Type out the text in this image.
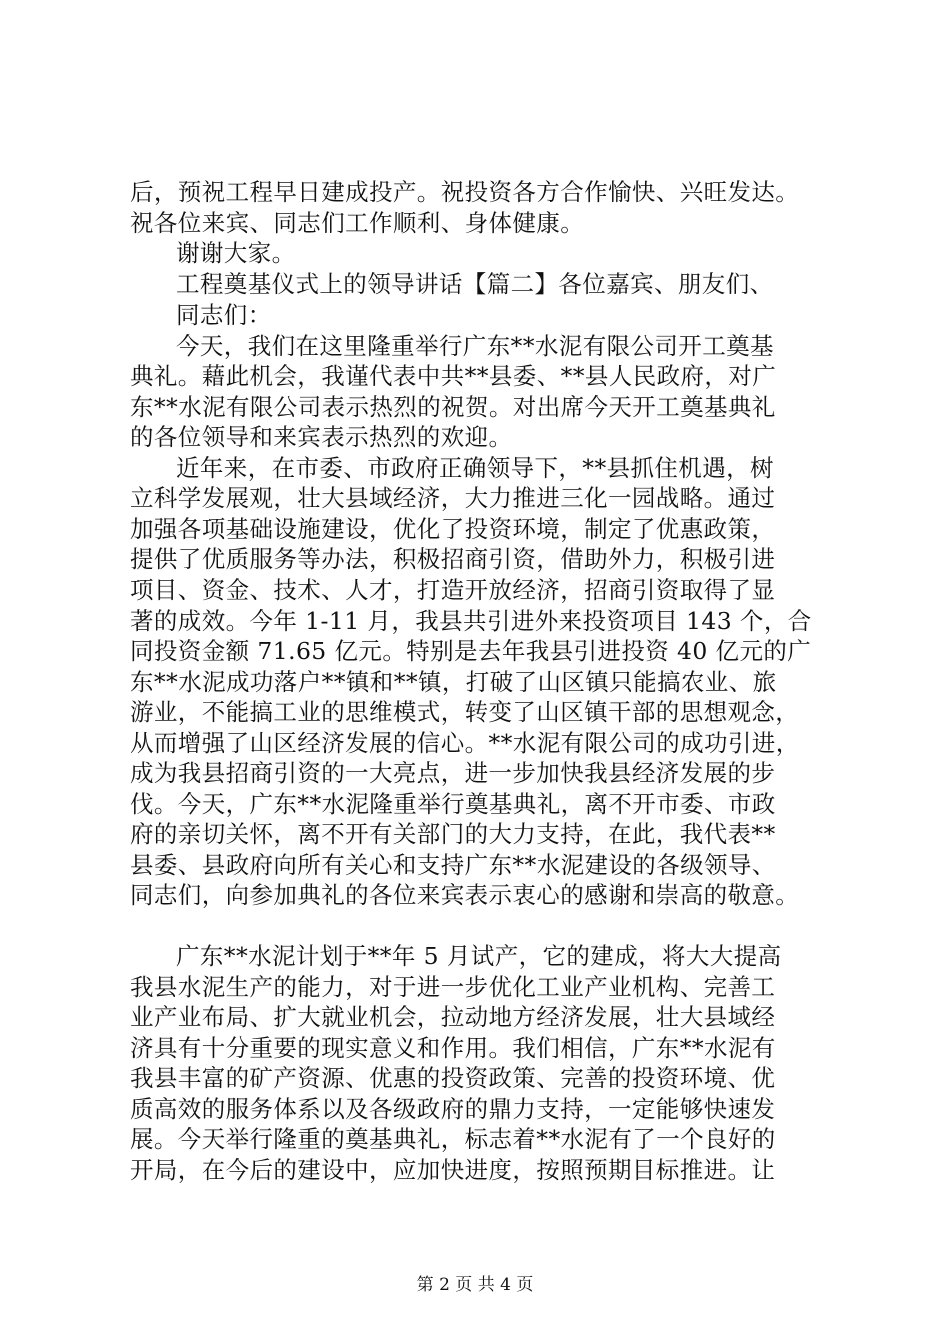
后，预祝工程早日建成投产。祝投资各方合作愉快、兴旺发达。
祝各位来宾、同志们工作顺利、身体健康。
谢谢大家。
工程奠基仪式上的领导讲话【篇二】各位嘉宾、朋友们、
同志们：
今天，我们在这里隆重举行广东**水泥有限公司开工奠基
典礼。藉此机会，我谨代表中共**县委、**县人民政府，对广
东**水泥有限公司表示热烈的祝贺。对出席今天开工奠基典礼
的各位领导和来宾表示热烈的欢迎。
近年来，在市委、市政府正确领导下，**县抓住机遇，树
立科学发展观，壮大县域经济，大力推进三化一园战略。通过
加强各项基础设施建设，优化了投资环境，制定了优惠政策，
提供了优质服务等办法，积极招商引资，借助外力，积极引进
项目、资金、技术、人才，打造开放经济，招商引资取得了显
著的成效。今年 1-11 月，我县共引进外来投资项目 143 个，合
同投资金额 71.65 亿元。特别是去年我县引进投资 40 亿元的广
东**水泥成功落户**镇和**镇，打破了山区镇只能搞农业、旅
游业，不能搞工业的思维模式，转变了山区镇干部的思想观念，
从而增强了山区经济发展的信心。**水泥有限公司的成功引进，
成为我县招商引资的一大亮点，进一步加快我县经济发展的步
伐。今天，广东**水泥隆重举行奠基典礼，离不开市委、市政
府的亲切关怀，离不开有关部门的大力支持，在此，我代表**
县委、县政府向所有关心和支持广东**水泥建设的各级领导、
同志们，向参加典礼的各位来宾表示衷心的感谢和崇高的敬意。
广东**水泥计划于**年 5 月试产，它的建成，将大大提高
我县水泥生产的能力，对于进一步优化工业产业机构、完善工
业产业布局、扩大就业机会，拉动地方经济发展，壮大县域经
济具有十分重要的现实意义和作用。我们相信，广东**水泥有
我县丰富的矿产资源、优惠的投资政策、完善的投资环境、优
质高效的服务体系以及各级政府的鼎力支持，一定能够快速发
展。今天举行隆重的奠基典礼，标志着**水泥有了一个良好的
开局，在今后的建设中，应加快进度，按照预期目标推进。让
第 2 页 共 4 页
